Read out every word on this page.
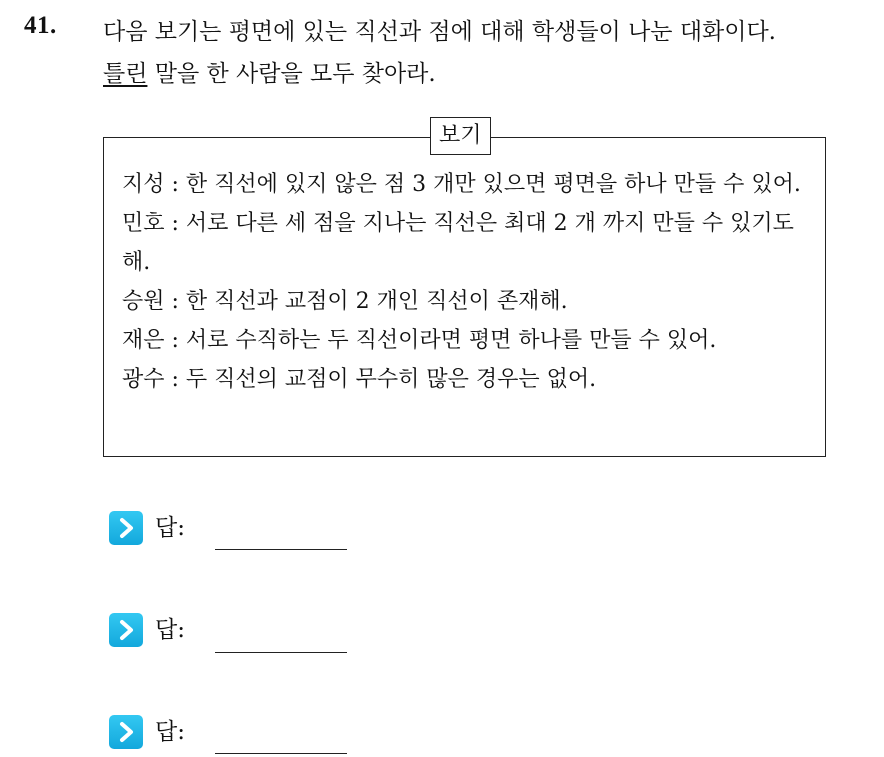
41. 다음 보기는 평면에 있는 직선과 점에 대해 학생들이 나눈 대화이다.
틀린 말을 한 사람을 모두 찾아라.
보기
지성 : 한 직선에 있지 않은 점 3 개만 있으면 평면을 하나 만들 수 있어.
민호 : 서로 다른 세 점을 지나는 직선은 최대 2 개 까지 만들 수 있기도 해.
승원 : 한 직선과 교점이 2 개인 직선이 존재해.
재은 : 서로 수직하는 두 직선이라면 평면 하나를 만들 수 있어.
광수 : 두 직선의 교점이 무수히 많은 경우는 없어.
답:
답:
답:
